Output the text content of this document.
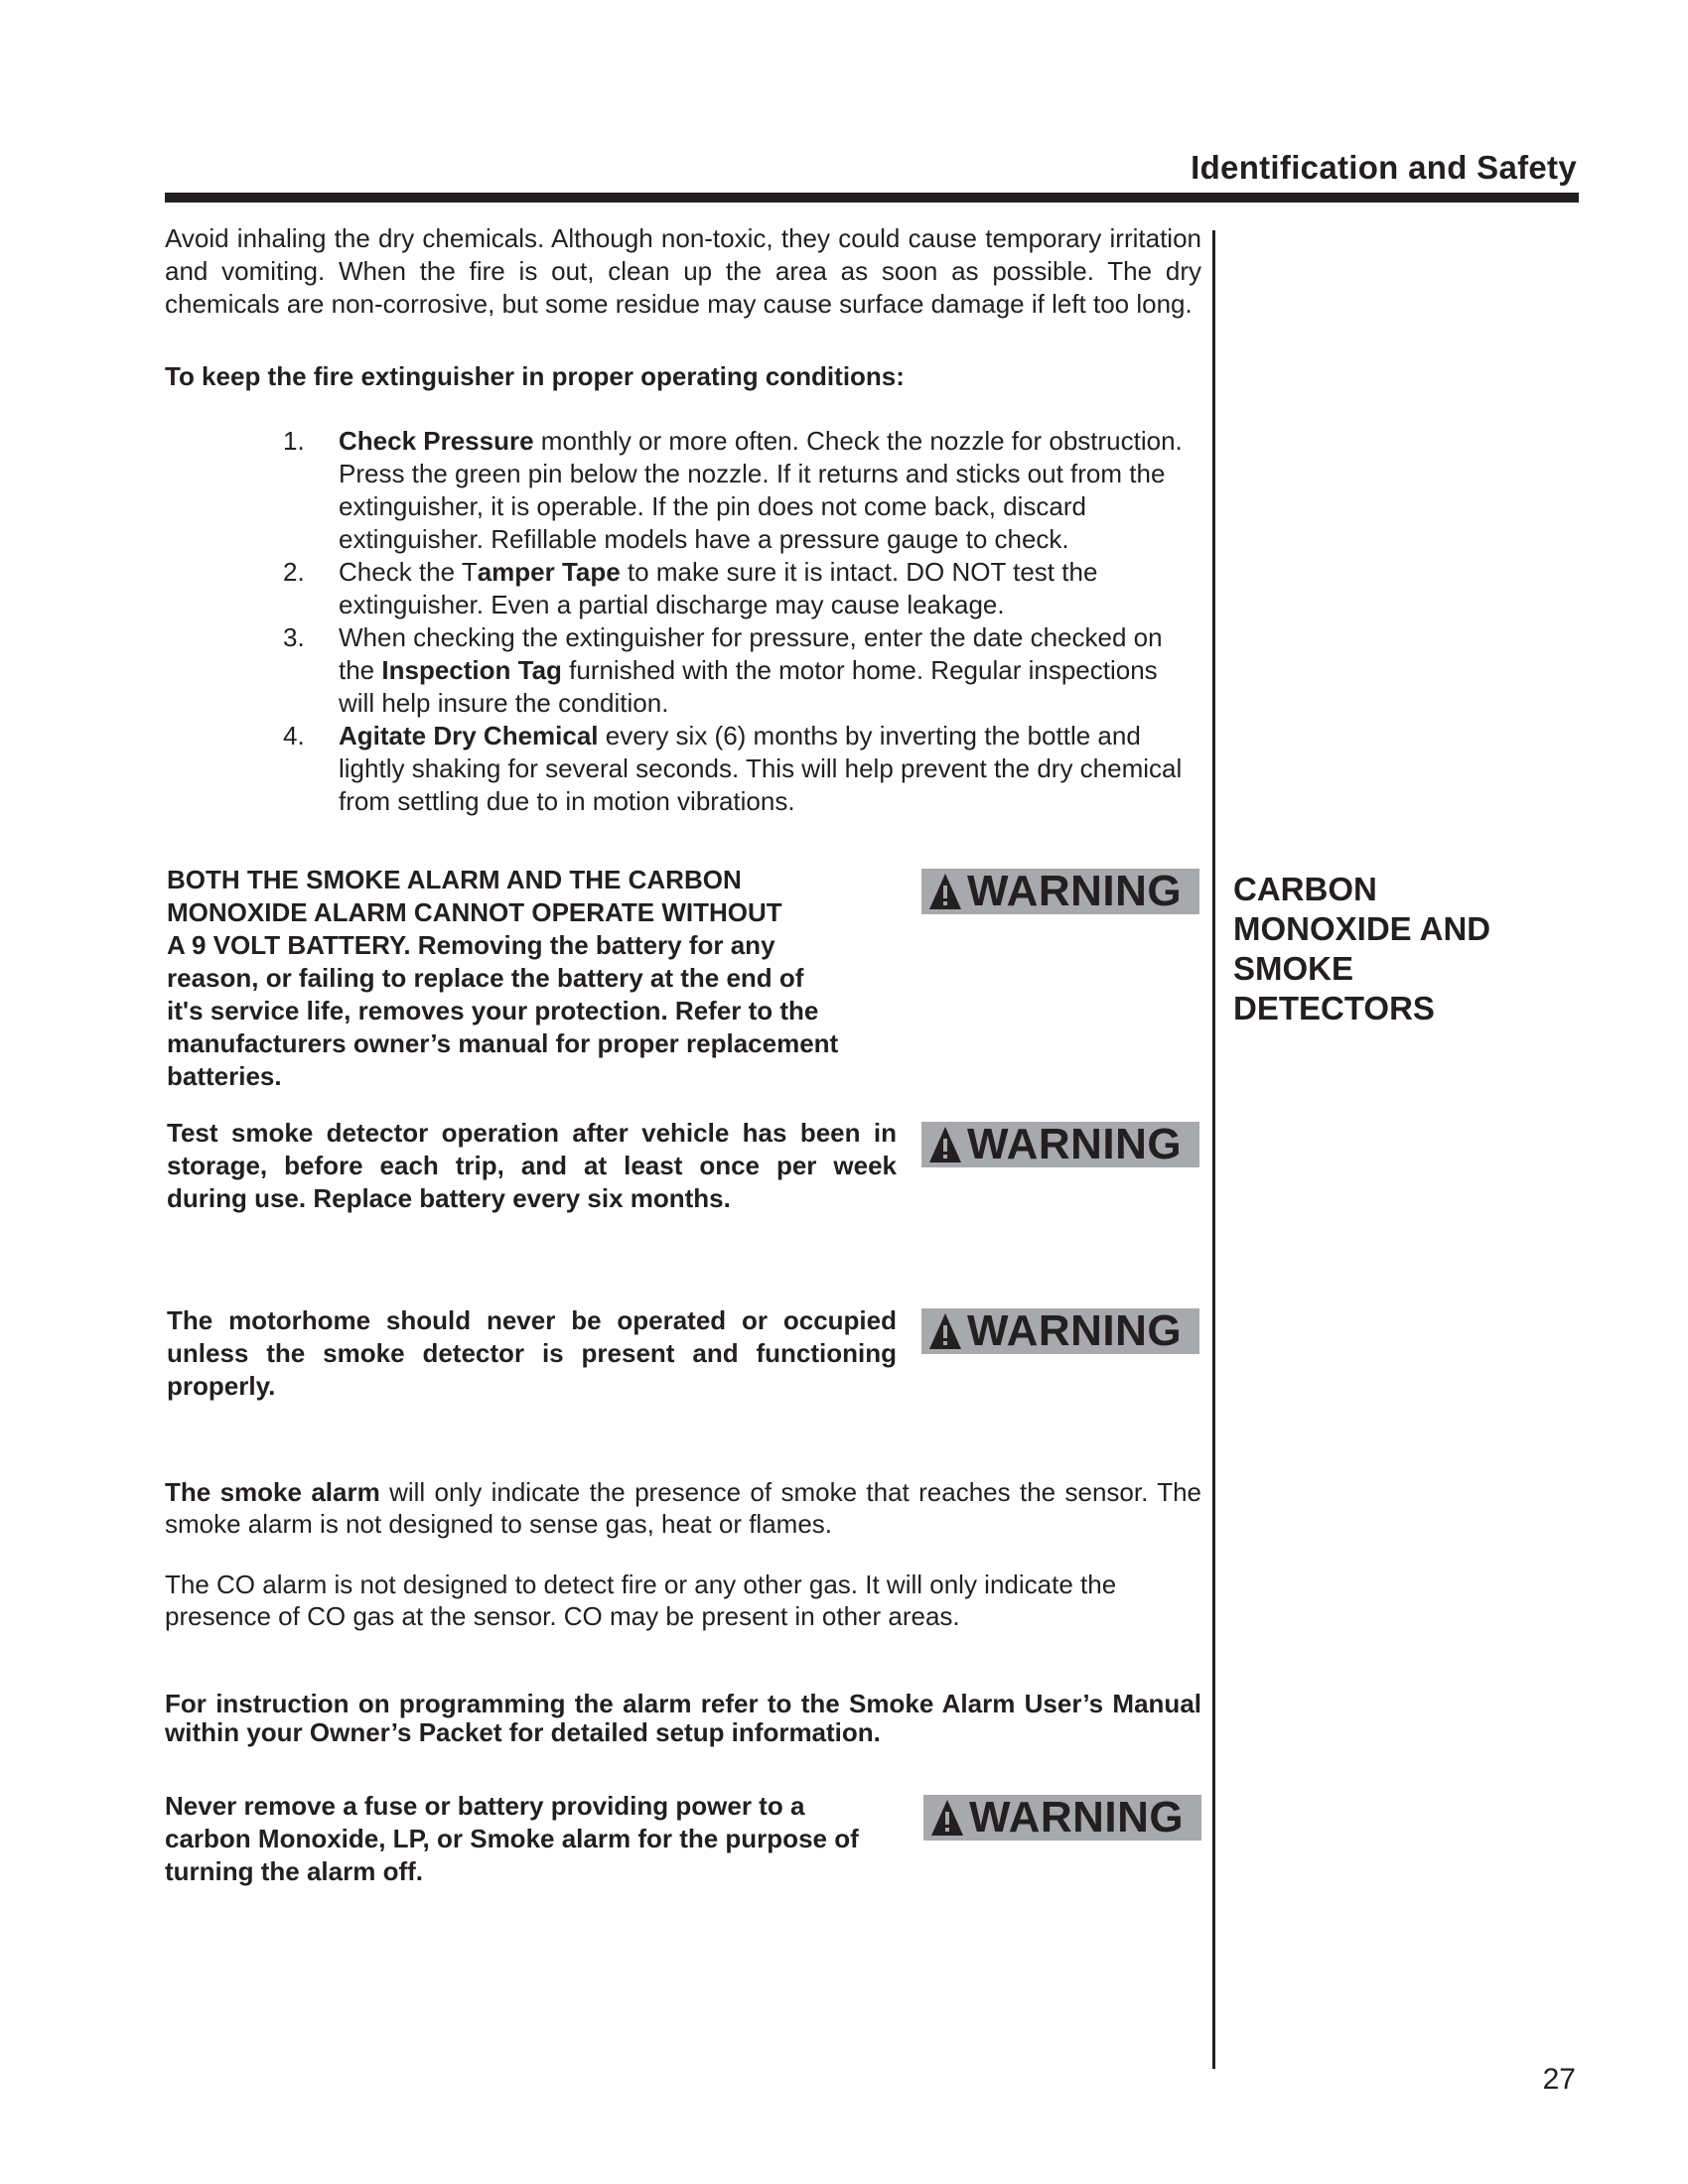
Identification and Safety

Avoid inhaling the dry chemicals. Although non-toxic, they could cause temporary irritation and vomiting. When the fire is out, clean up the area as soon as possible. The dry chemicals are non-corrosive, but some residue may cause surface damage if left too long.

To keep the fire extinguisher in proper operating conditions:

1. Check Pressure monthly or more often. Check the nozzle for obstruction. Press the green pin below the nozzle. If it returns and sticks out from the extinguisher, it is operable. If the pin does not come back, discard extinguisher. Refillable models have a pressure gauge to check.
2. Check the Tamper Tape to make sure it is intact. DO NOT test the extinguisher. Even a partial discharge may cause leakage.
3. When checking the extinguisher for pressure, enter the date checked on the Inspection Tag furnished with the motor home. Regular inspections will help insure the condition.
4. Agitate Dry Chemical every six (6) months by inverting the bottle and lightly shaking for several seconds. This will help prevent the dry chemical from settling due to in motion vibrations.
BOTH THE SMOKE ALARM AND THE CARBON
MONOXIDE ALARM CANNOT OPERATE WITHOUT
A 9 VOLT BATTERY. Removing the battery for any
reason, or failing to replace the battery at the end of
it's service life, removes your protection. Refer to the
manufacturers owner’s manual for proper replacement
batteries.
WARNING CARBON
MONOXIDE AND
SMOKE
DETECTORS

Test smoke detector operation after vehicle has been in storage, before each trip, and at least once per week during use. Replace battery every six months.

WARNING

The motorhome should never be operated or occupied unless the smoke detector is present and functioning properly.

WARNING

The smoke alarm will only indicate the presence of smoke that reaches the sensor. The smoke alarm is not designed to sense gas, heat or flames.

The CO alarm is not designed to detect fire or any other gas. It will only indicate the presence of CO gas at the sensor. CO may be present in other areas.

For instruction on programming the alarm refer to the Smoke Alarm User’s Manual within your Owner’s Packet for detailed setup information.

Never remove a fuse or battery providing power to a
carbon Monoxide, LP, or Smoke alarm for the purpose of
turning the alarm off.
WARNING
27
